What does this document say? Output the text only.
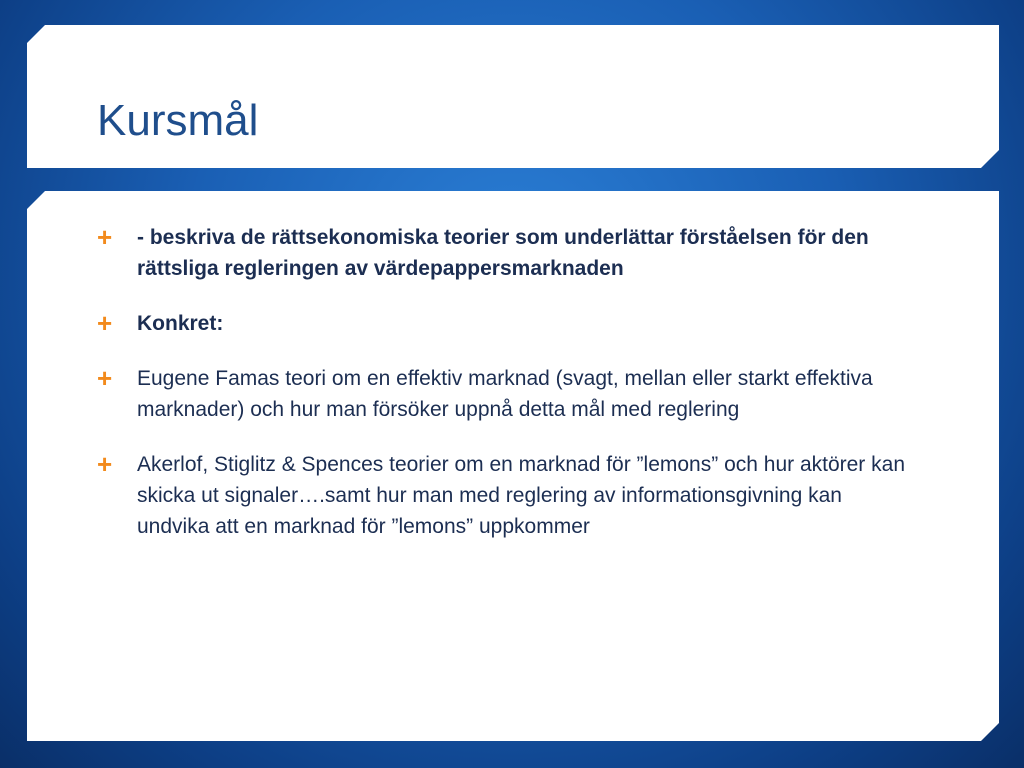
Kursmål
+	- beskriva de rättsekonomiska teorier som underlättar förståelsen för den rättsliga regleringen av värdepappersmarknaden
+	Konkret:
+	Eugene Famas teori om en effektiv marknad (svagt, mellan eller starkt effektiva marknader) och hur man försöker uppnå detta mål med reglering
+	Akerlof, Stiglitz & Spences teorier om en marknad för ”lemons” och hur aktörer kan skicka ut signaler….samt hur man med reglering av informationsgivning kan undvika att en marknad för ”lemons” uppkommer
